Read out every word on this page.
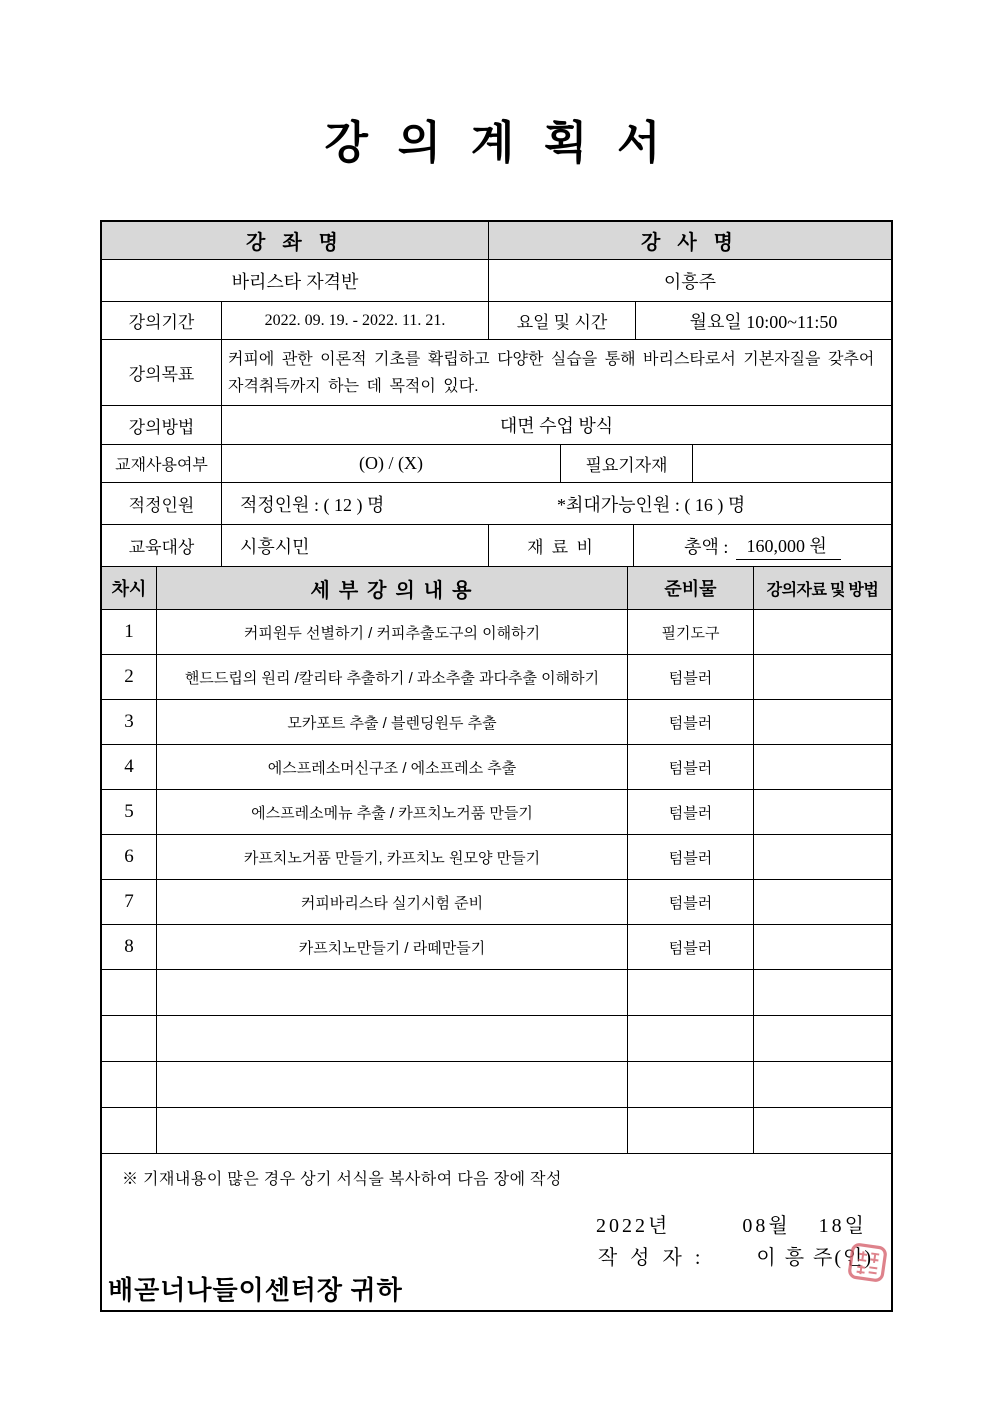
강 의 계 획 서
강 좌 명	강 사 명
바리스타 자격반	이흥주
강의기간	2022. 09. 19. - 2022. 11. 21.	요일 및 시간	월요일 10:00~11:50
강의목표
커피에 관한 이론적 기초를 확립하고 다양한 실습을 통해 바리스타로서 기본자질을 갖추어 자격취득까지 하는 데 목적이 있다.
강의방법	대면 수업 방식
교재사용여부	(O) / (X)	필요기자재
적정인원	적정인원 : ( 12 ) 명	*최대가능인원 : ( 16 ) 명
교육대상	시흥시민	재 료 비	총액 :	160,000 원
차시	세 부 강 의 내 용	준비물	강의자료 및 방법
1	커피원두 선별하기 / 커피추출도구의 이해하기	필기도구
2	핸드드립의 원리 /칼리타 추출하기 / 과소추출 과다추출 이해하기	텀블러
3	모카포트 추출 / 블렌딩원두 추출	텀블러
4	에스프레소머신구조 / 에소프레소 추출	텀블러
5	에스프레소메뉴 추출 / 카프치노거품 만들기	텀블러
6	카프치노거품 만들기, 카프치노 원모양 만들기	텀블러
7	커피바리스타 실기시험 준비	텀블러
8	카프치노만들기 / 라떼만들기	텀블러
※ 기재내용이 많은 경우 상기 서식을 복사하여 다음 장에 작성
2022년	08월 18일
작 성 자 :	이 흥 주(인)
배곧너나들이센터장 귀하
